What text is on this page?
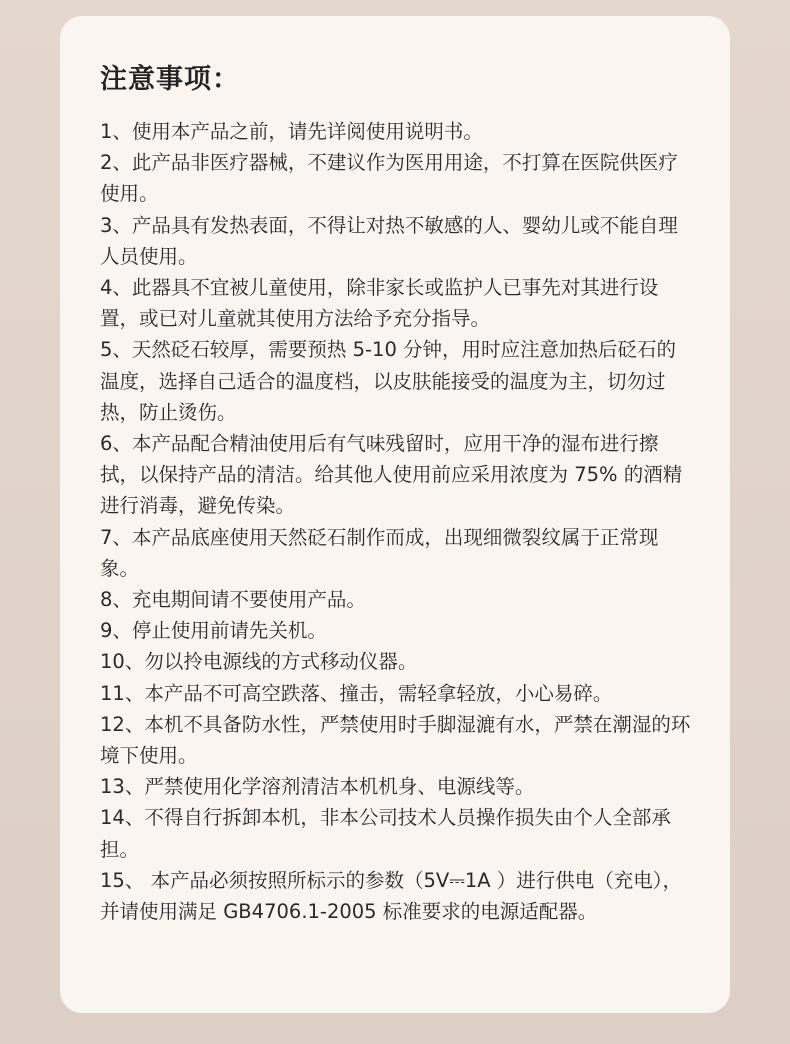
注意事项：
1、使用本产品之前，请先详阅使用说明书。
2、此产品非医疗器械，不建议作为医用用途，不打算在医院供医疗使用。
3、产品具有发热表面，不得让对热不敏感的人、婴幼儿或不能自理人员使用。
4、此器具不宜被儿童使用，除非家长或监护人已事先对其进行设置，或已对儿童就其使用方法给予充分指导。
5、天然砭石较厚，需要预热 5-10 分钟，用时应注意加热后砭石的温度，选择自己适合的温度档，以皮肤能接受的温度为主，切勿过热，防止烫伤。
6、本产品配合精油使用后有气味残留时，应用干净的湿布进行擦拭，以保持产品的清洁。给其他人使用前应采用浓度为 75% 的酒精进行消毒，避免传染。
7、本产品底座使用天然砭石制作而成，出现细微裂纹属于正常现象。
8、充电期间请不要使用产品。
9、停止使用前请先关机。
10、勿以拎电源线的方式移动仪器。
11、本产品不可高空跌落、撞击，需轻拿轻放，小心易碎。
12、本机不具备防水性，严禁使用时手脚湿漉有水，严禁在潮湿的环境下使用。
13、严禁使用化学溶剂清洁本机机身、电源线等。
14、不得自行拆卸本机，非本公司技术人员操作损失由个人全部承担。
15、 本产品必须按照所标示的参数（5V⎓1A ）进行供电（充电），并请使用满足 GB4706.1-2005 标准要求的电源适配器。
